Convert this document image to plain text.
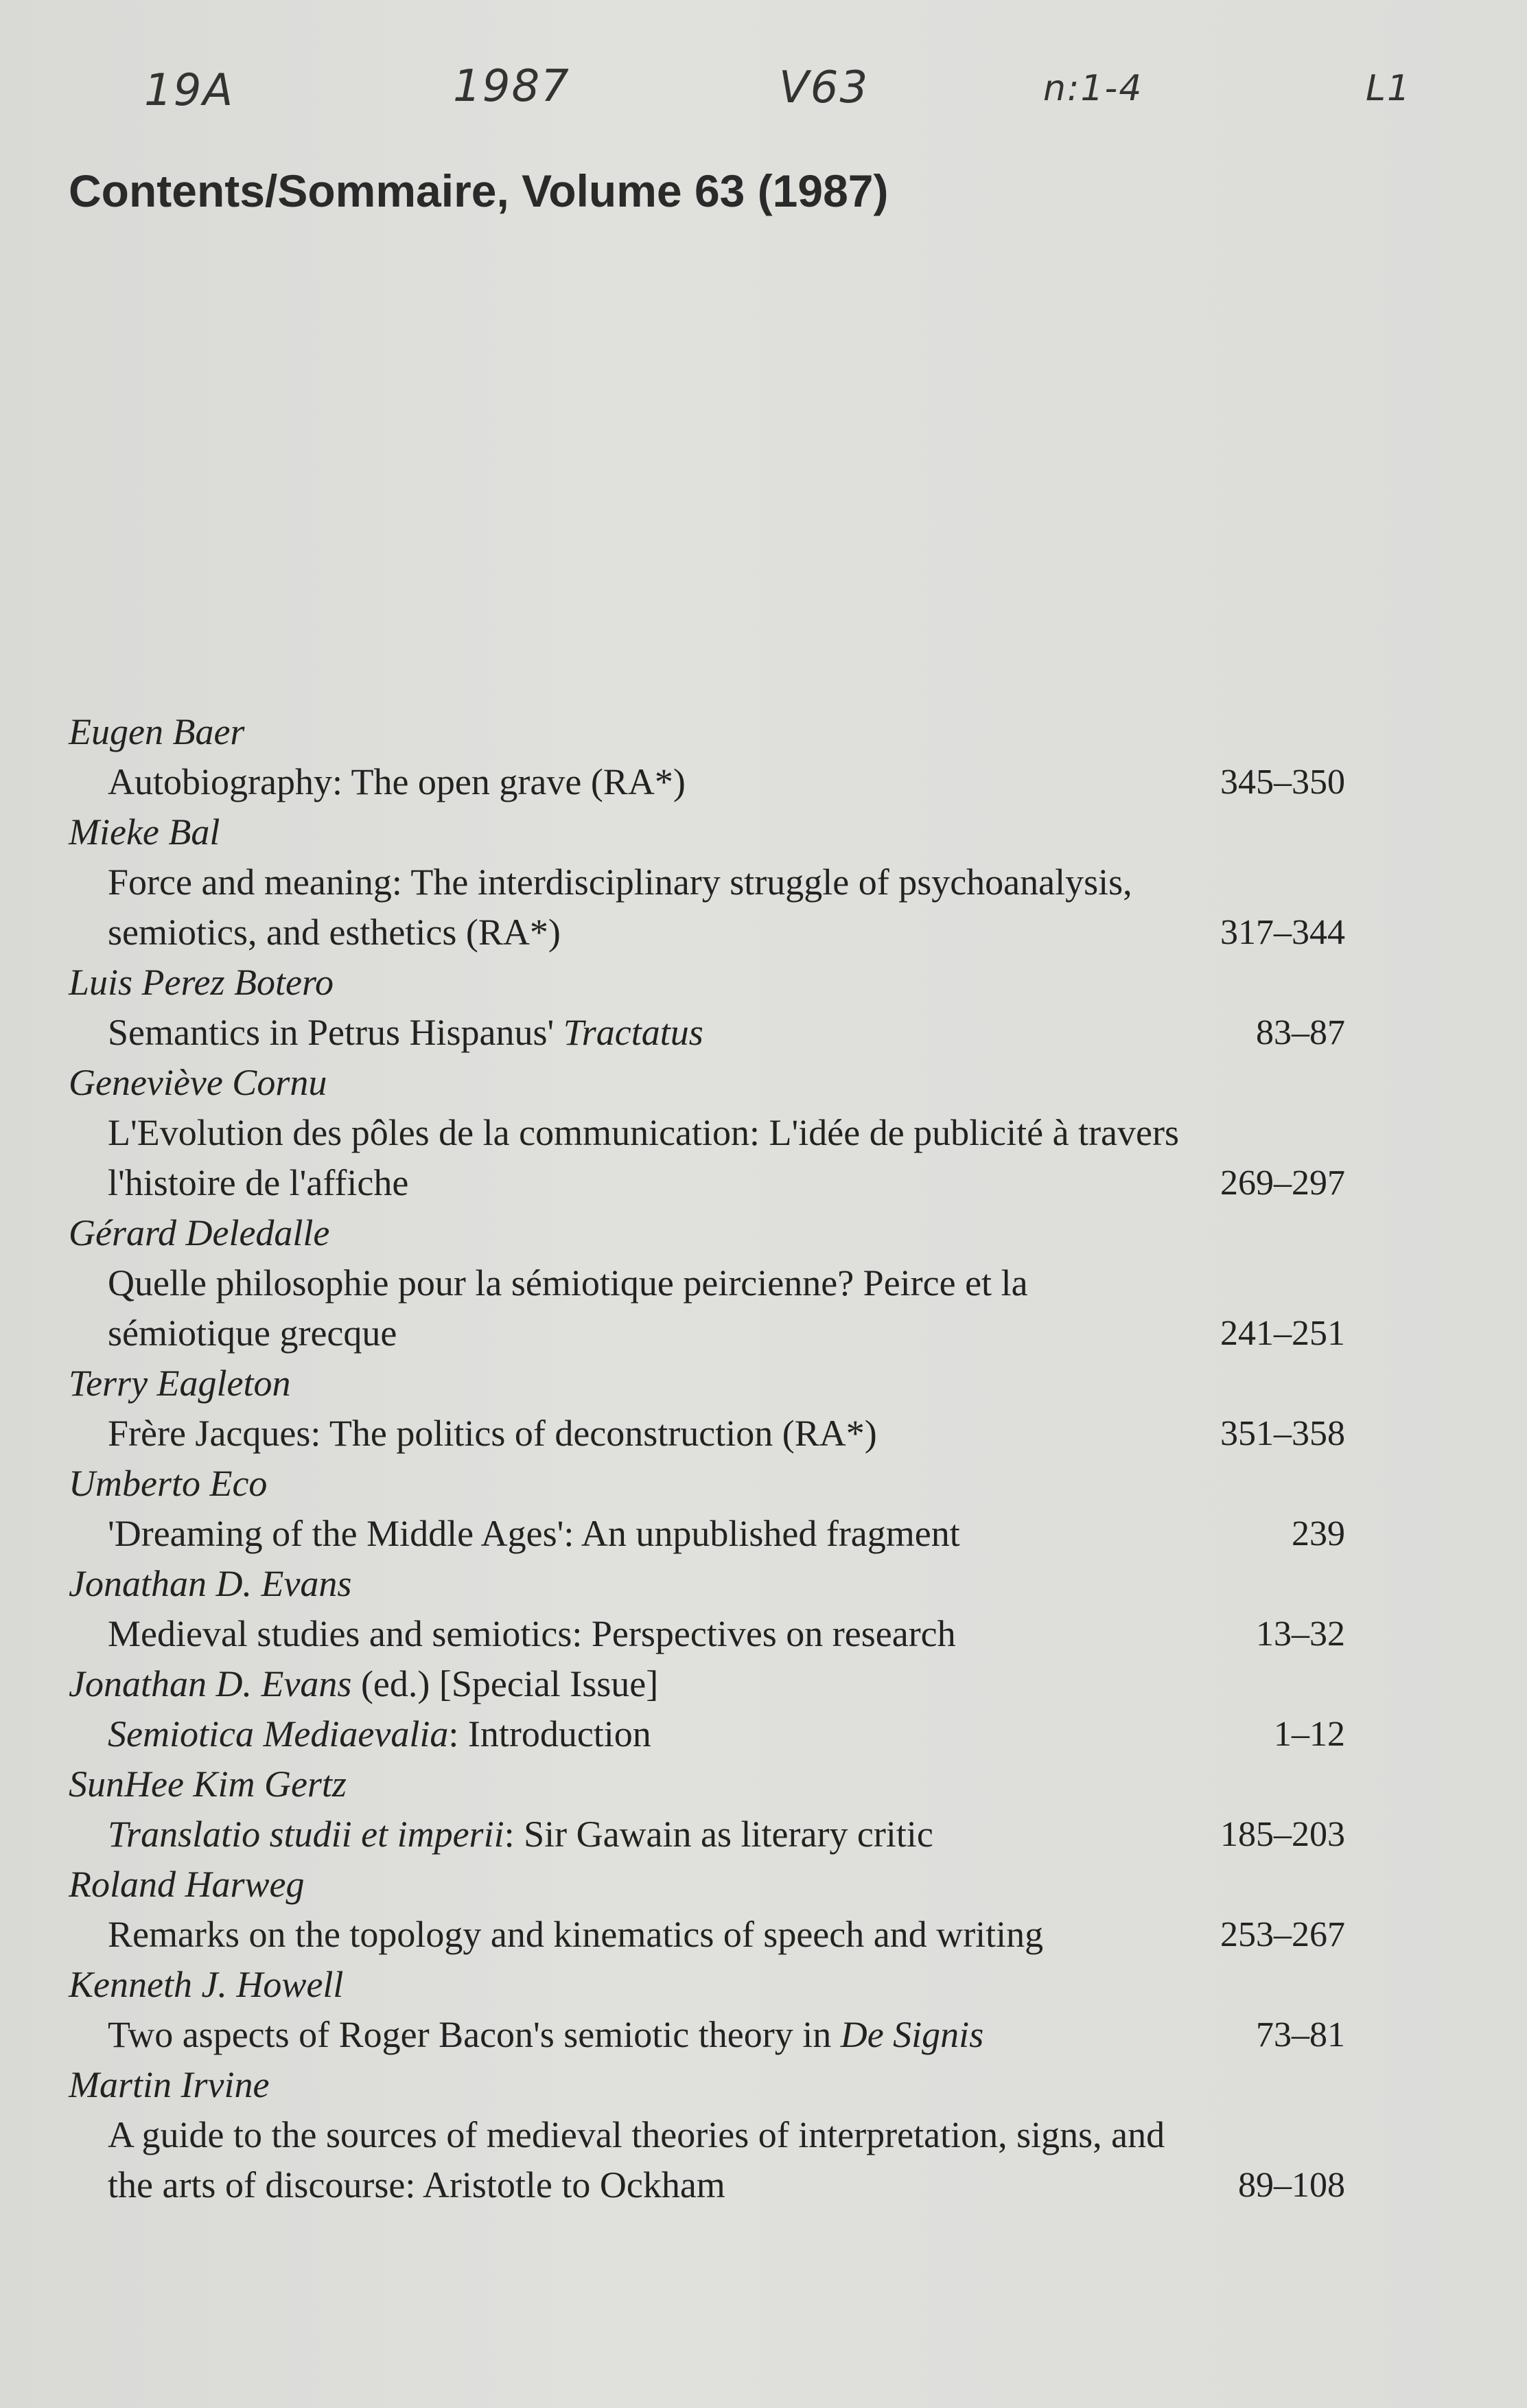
19A	1987	V63	n:1-4	L1
Contents/Sommaire, Volume 63 (1987)
Eugen Baer
Autobiography: The open grave (RA*)	345–350
Mieke Bal
Force and meaning: The interdisciplinary struggle of psychoanalysis, semiotics, and esthetics (RA*)	317–344
Luis Perez Botero
Semantics in Petrus Hispanus' Tractatus	83–87
Geneviève Cornu
L'Evolution des pôles de la communication: L'idée de publicité à travers l'histoire de l'affiche	269–297
Gérard Deledalle
Quelle philosophie pour la sémiotique peircienne? Peirce et la sémiotique grecque	241–251
Terry Eagleton
Frère Jacques: The politics of deconstruction (RA*)	351–358
Umberto Eco
'Dreaming of the Middle Ages': An unpublished fragment	239
Jonathan D. Evans
Medieval studies and semiotics: Perspectives on research	13–32
Jonathan D. Evans (ed.) [Special Issue]
Semiotica Mediaevalia: Introduction	1–12
SunHee Kim Gertz
Translatio studii et imperii: Sir Gawain as literary critic	185–203
Roland Harweg
Remarks on the topology and kinematics of speech and writing	253–267
Kenneth J. Howell
Two aspects of Roger Bacon's semiotic theory in De Signis	73–81
Martin Irvine
A guide to the sources of medieval theories of interpretation, signs, and the arts of discourse: Aristotle to Ockham	89–108
